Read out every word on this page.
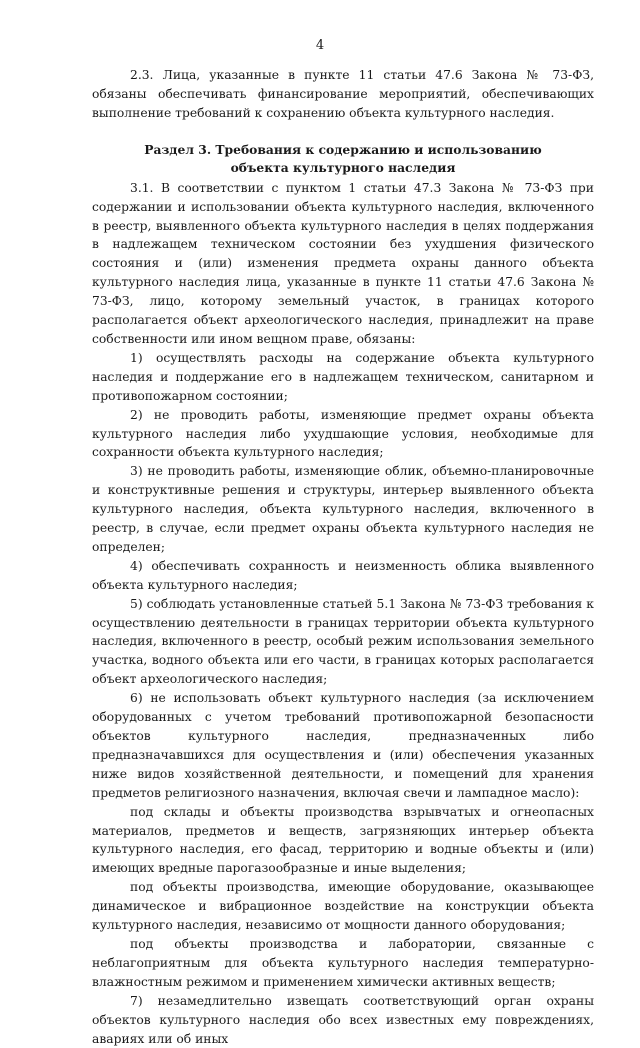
4

2.3. Лица, указанные в пункте 11 статьи 47.6 Закона № 73-ФЗ, обязаны обеспечивать финансирование мероприятий, обеспечивающих выполнение требований к сохранению объекта культурного наследия.

Раздел 3. Требования к содержанию и использованию
объекта культурного наследия

3.1. В соответствии с пунктом 1 статьи 47.3 Закона № 73-ФЗ при содержании и использовании объекта культурного наследия, включенного в реестр, выявленного объекта культурного наследия в целях поддержания в надлежащем техническом состоянии без ухудшения физического состояния и (или) изменения предмета охраны данного объекта культурного наследия лица, указанные в пункте 11 статьи 47.6 Закона № 73-ФЗ, лицо, которому земельный участок, в границах которого располагается объект археологического наследия, принадлежит на праве собственности или ином вещном праве, обязаны:

1) осуществлять расходы на содержание объекта культурного наследия и поддержание его в надлежащем техническом, санитарном и противопожарном состоянии;

2) не проводить работы, изменяющие предмет охраны объекта культурного наследия либо ухудшающие условия, необходимые для сохранности объекта культурного наследия;

3) не проводить работы, изменяющие облик, объемно-планировочные и конструктивные решения и структуры, интерьер выявленного объекта культурного наследия, объекта культурного наследия, включенного в реестр, в случае, если предмет охраны объекта культурного наследия не определен;

4) обеспечивать сохранность и неизменность облика выявленного объекта культурного наследия;

5) соблюдать установленные статьей 5.1 Закона № 73-ФЗ требования к осуществлению деятельности в границах территории объекта культурного наследия, включенного в реестр, особый режим использования земельного участка, водного объекта или его части, в границах которых располагается объект археологического наследия;

6) не использовать объект культурного наследия (за исключением оборудованных с учетом требований противопожарной безопасности объектов культурного наследия, предназначенных либо предназначавшихся для осуществления и (или) обеспечения указанных ниже видов хозяйственной деятельности, и помещений для хранения предметов религиозного назначения, включая свечи и лампадное масло):

под склады и объекты производства взрывчатых и огнеопасных материалов, предметов и веществ, загрязняющих интерьер объекта культурного наследия, его фасад, территорию и водные объекты и (или) имеющих вредные парогазообразные и иные выделения;

под объекты производства, имеющие оборудование, оказывающее динамическое и вибрационное воздействие на конструкции объекта культурного наследия, независимо от мощности данного оборудования;

под объекты производства и лаборатории, связанные с неблагоприятным для объекта культурного наследия температурно-влажностным режимом и применением химически активных веществ;

7) незамедлительно извещать соответствующий орган охраны объектов культурного наследия обо всех известных ему повреждениях, авариях или об иных
